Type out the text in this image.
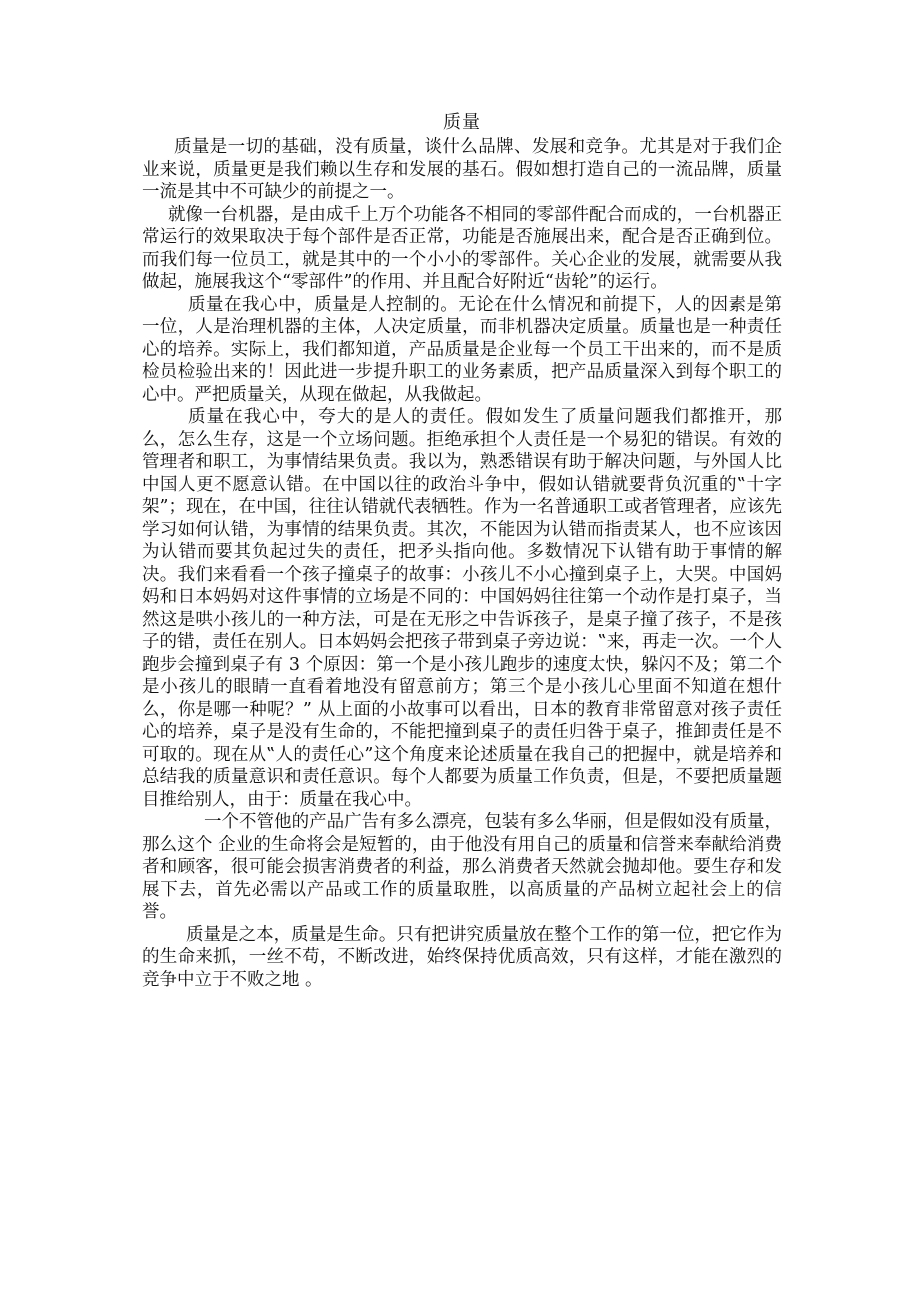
质量

质量是一切的基础，没有质量，谈什么品牌、发展和竞争。尤其是对于我们企业来说，质量更是我们赖以生存和发展的基石。假如想打造自己的一流品牌，质量一流是其中不可缺少的前提之一。

就像一台机器，是由成千上万个功能各不相同的零部件配合而成的，一台机器正常运行的效果取决于每个部件是否正常，功能是否施展出来，配合是否正确到位。而我们每一位员工，就是其中的一个小小的零部件。关心企业的发展，就需要从我做起，施展我这个“零部件”的作用、并且配合好附近“齿轮”的运行。

质量在我心中，质量是人控制的。无论在什么情况和前提下，人的因素是第一位，人是治理机器的主体，人决定质量，而非机器决定质量。质量也是一种责任心的培养。实际上，我们都知道，产品质量是企业每一个员工干出来的，而不是质检员检验出来的！因此进一步提升职工的业务素质，把产品质量深入到每个职工的心中。严把质量关，从现在做起，从我做起。

质量在我心中，夸大的是人的责任。假如发生了质量问题我们都推开，那么，怎么生存，这是一个立场问题。拒绝承担个人责任是一个易犯的错误。有效的管理者和职工，为事情结果负责。我以为，熟悉错误有助于解决问题，与外国人比中国人更不愿意认错。在中国以往的政治斗争中，假如认错就要背负沉重的‟十字架”；现在，在中国，往往认错就代表牺牲。作为一名普通职工或者管理者，应该先学习如何认错，为事情的结果负责。其次，不能因为认错而指责某人，也不应该因为认错而要其负起过失的责任，把矛头指向他。多数情况下认错有助于事情的解决。我们来看看一个孩子撞桌子的故事：小孩儿不小心撞到桌子上，大哭。中国妈妈和日本妈妈对这件事情的立场是不同的：中国妈妈往往第一个动作是打桌子，当然这是哄小孩儿的一种方法，可是在无形之中告诉孩子，是桌子撞了孩子，不是孩子的错，责任在别人。日本妈妈会把孩子带到桌子旁边说：‟来，再走一次。一个人跑步会撞到桌子有 3 个原因：第一个是小孩儿跑步的速度太快，躲闪不及；第二个是小孩儿的眼睛一直看着地没有留意前方；第三个是小孩儿心里面不知道在想什么，你是哪一种呢？” 从上面的小故事可以看出，日本的教育非常留意对孩子责任心的培养，桌子是没有生命的，不能把撞到桌子的责任归咎于桌子，推卸责任是不可取的。现在从‟人的责任心”这个角度来论述质量在我自己的把握中，就是培养和总结我的质量意识和责任意识。每个人都要为质量工作负责，但是，不要把质量题目推给别人，由于：质量在我心中。

一个不管他的产品广告有多么漂亮，包装有多么华丽，但是假如没有质量，那么这个 企业的生命将会是短暂的，由于他没有用自己的质量和信誉来奉献给消费者和顾客，很可能会损害消费者的利益，那么消费者天然就会抛却他。要生存和发展下去，首先必需以产品或工作的质量取胜，以高质量的产品树立起社会上的信誉。

质量是之本，质量是生命。只有把讲究质量放在整个工作的第一位，把它作为的生命来抓，一丝不苟，不断改进，始终保持优质高效，只有这样，才能在激烈的竞争中立于不败之地 。
